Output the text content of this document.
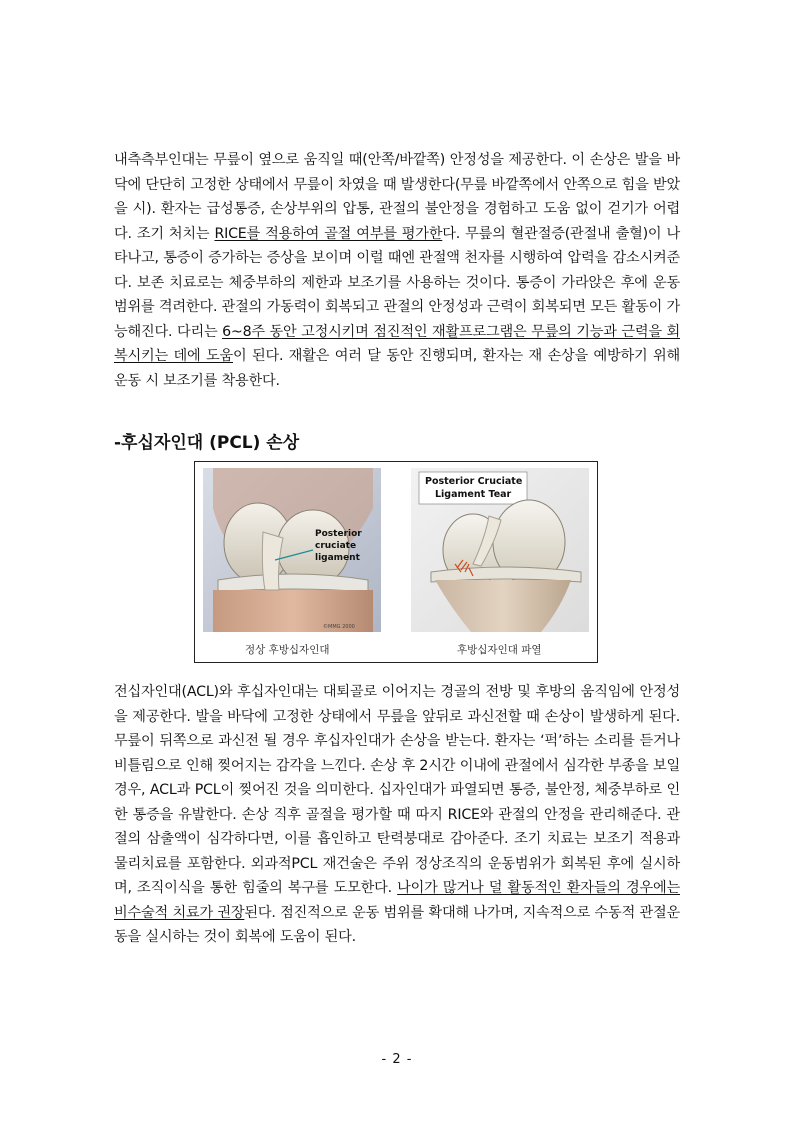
내측측부인대는 무릎이 옆으로 움직일 때(안쪽/바깥쪽) 안정성을 제공한다. 이 손상은 발을 바닥에 단단히 고정한 상태에서 무릎이 차였을 때 발생한다(무릎 바깥쪽에서 안쪽으로 힘을 받았을 시). 환자는 급성통증, 손상부위의 압통, 관절의 불안정을 경험하고 도움 없이 걷기가 어렵다. 조기 처치는 RICE를 적용하여 골절 여부를 평가한다. 무릎의 혈관절증(관절내 출혈)이 나타나고, 통증이 증가하는 증상을 보이며 이럴 때엔 관절액 천자를 시행하여 압력을 감소시켜준다. 보존 치료로는 체중부하의 제한과 보조기를 사용하는 것이다. 통증이 가라앉은 후에 운동 범위를 격려한다. 관절의 가동력이 회복되고 관절의 안정성과 근력이 회복되면 모든 활동이 가능해진다. 다리는 6~8주 동안 고정시키며 점진적인 재활프로그램은 무릎의 기능과 근력을 회복시키는 데에 도움이 된다. 재활은 여러 달 동안 진행되며, 환자는 재 손상을 예방하기 위해 운동 시 보조기를 착용한다.
-후십자인대 (PCL) 손상
Posterior
cruciate
ligament
©MMG 2000
Posterior Cruciate
Ligament Tear
정상 후방십자인대	후방십자인대 파열
전십자인대(ACL)와 후십자인대는 대퇴골로 이어지는 경골의 전방 및 후방의 움직임에 안정성을 제공한다. 발을 바닥에 고정한 상태에서 무릎을 앞뒤로 과신전할 때 손상이 발생하게 된다. 무릎이 뒤쪽으로 과신전 될 경우 후십자인대가 손상을 받는다. 환자는 ‘퍽’하는 소리를 듣거나 비틀림으로 인해 찢어지는 감각을 느낀다. 손상 후 2시간 이내에 관절에서 심각한 부종을 보일 경우, ACL과 PCL이 찢어진 것을 의미한다. 십자인대가 파열되면 통증, 불안정, 체중부하로 인한 통증을 유발한다. 손상 직후 골절을 평가할 때 따지 RICE와 관절의 안정을 관리해준다. 관절의 삼출액이 심각하다면, 이를 흡인하고 탄력붕대로 감아준다. 조기 치료는 보조기 적용과 물리치료를 포함한다. 외과적PCL 재건술은 주위 정상조직의 운동범위가 회복된 후에 실시하며, 조직이식을 통한 힘줄의 복구를 도모한다. 나이가 많거나 덜 활동적인 환자들의 경우에는 비수술적 치료가 권장된다. 점진적으로 운동 범위를 확대해 나가며, 지속적으로 수동적 관절운동을 실시하는 것이 회복에 도움이 된다.
- 2 -
